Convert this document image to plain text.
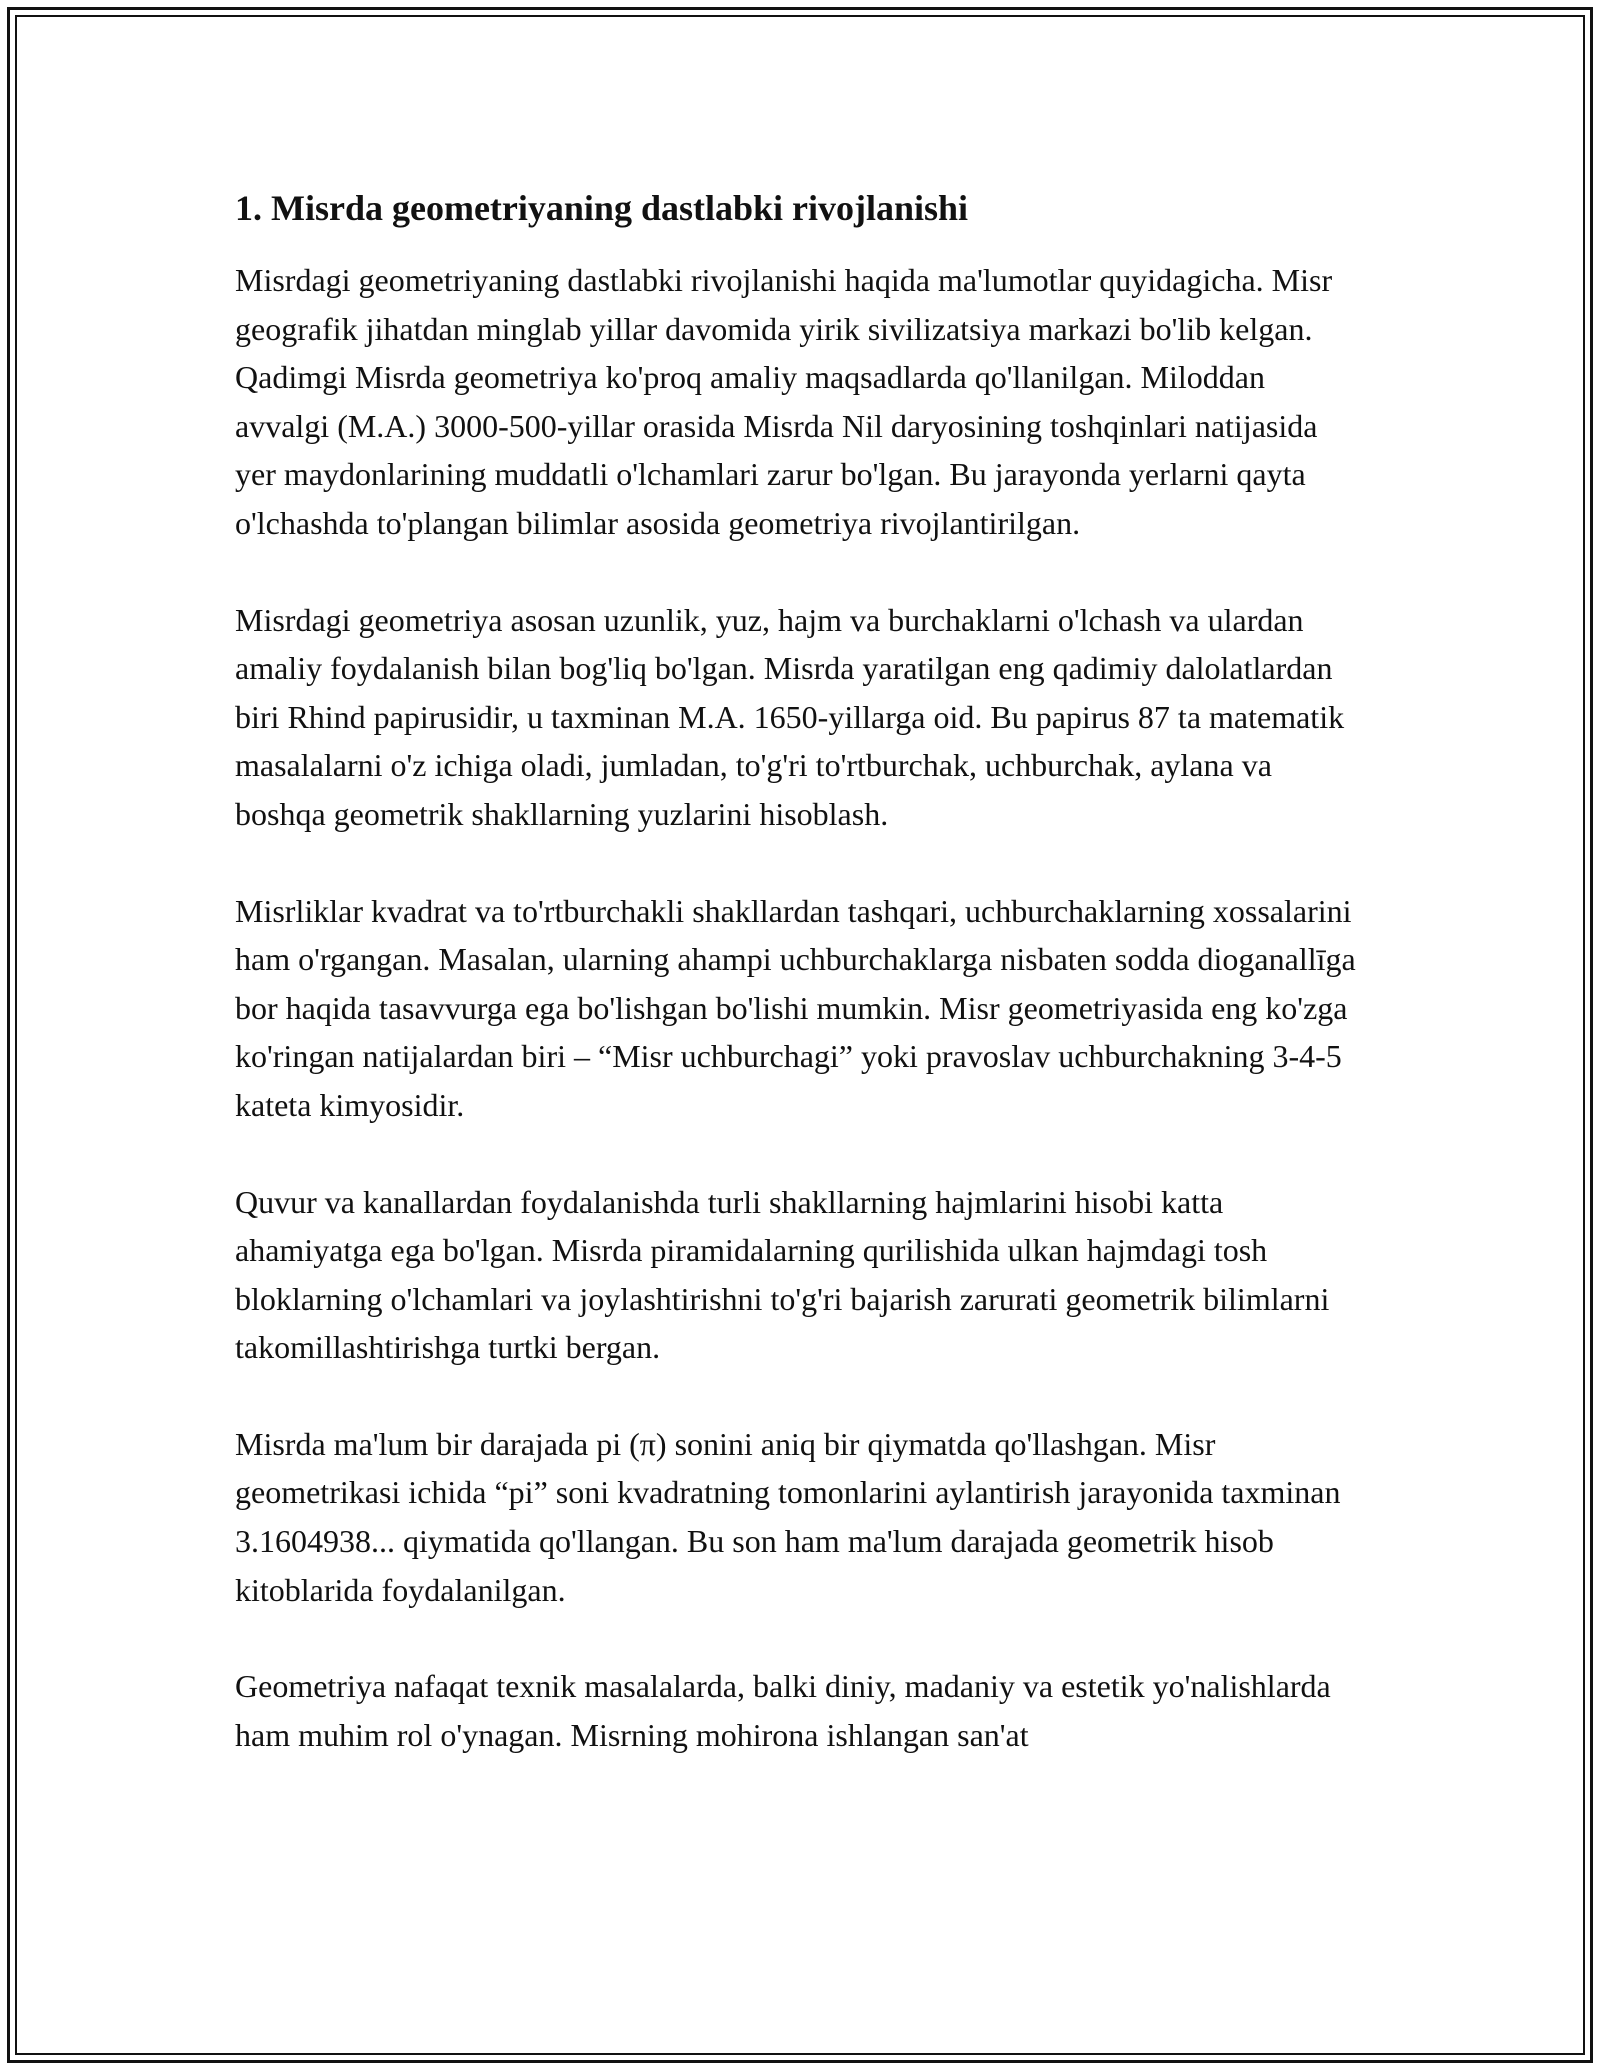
1. Misrda geometriyaning dastlabki rivojlanishi

Misrdagi geometriyaning dastlabki rivojlanishi haqida ma'lumotlar quyidagicha. Misr geografik jihatdan minglab yillar davomida yirik sivilizatsiya markazi bo'lib kelgan. Qadimgi Misrda geometriya ko'proq amaliy maqsadlarda qo'llanilgan. Miloddan avvalgi (M.A.) 3000-500-yillar orasida Misrda Nil daryosining toshqinlari natijasida yer maydonlarining muddatli o'lchamlari zarur bo'lgan. Bu jarayonda yerlarni qayta o'lchashda to'plangan bilimlar asosida geometriya rivojlantirilgan.

Misrdagi geometriya asosan uzunlik, yuz, hajm va burchaklarni o'lchash va ulardan amaliy foydalanish bilan bog'liq bo'lgan. Misrda yaratilgan eng qadimiy dalolatlardan biri Rhind papirusidir, u taxminan M.A. 1650-yillarga oid. Bu papirus 87 ta matematik masalalarni o'z ichiga oladi, jumladan, to'g'ri to'rtburchak, uchburchak, aylana va boshqa geometrik shakllarning yuzlarini hisoblash.

Misrliklar kvadrat va to'rtburchakli shakllardan tashqari, uchburchaklarning xossalarini ham o'rgangan. Masalan, ularning ahampi uchburchaklarga nisbaten sodda dioganallīga bor haqida tasavvurga ega bo'lishgan bo'lishi mumkin. Misr geometriyasida eng ko'zga ko'ringan natijalardan biri – “Misr uchburchagi” yoki pravoslav uchburchakning 3-4-5 kateta kimyosidir.

Quvur va kanallardan foydalanishda turli shakllarning hajmlarini hisobi katta ahamiyatga ega bo'lgan. Misrda piramidalarning qurilishida ulkan hajmdagi tosh bloklarning o'lchamlari va joylashtirishni to'g'ri bajarish zarurati geometrik bilimlarni takomillashtirishga turtki bergan.

Misrda ma'lum bir darajada pi (π) sonini aniq bir qiymatda qo'llashgan. Misr geometrikasi ichida “pi” soni kvadratning tomonlarini aylantirish jarayonida taxminan 3.1604938... qiymatida qo'llangan. Bu son ham ma'lum darajada geometrik hisob kitoblarida foydalanilgan.

Geometriya nafaqat texnik masalalarda, balki diniy, madaniy va estetik yo'nalishlarda ham muhim rol o'ynagan. Misrning mohirona ishlangan san'at
